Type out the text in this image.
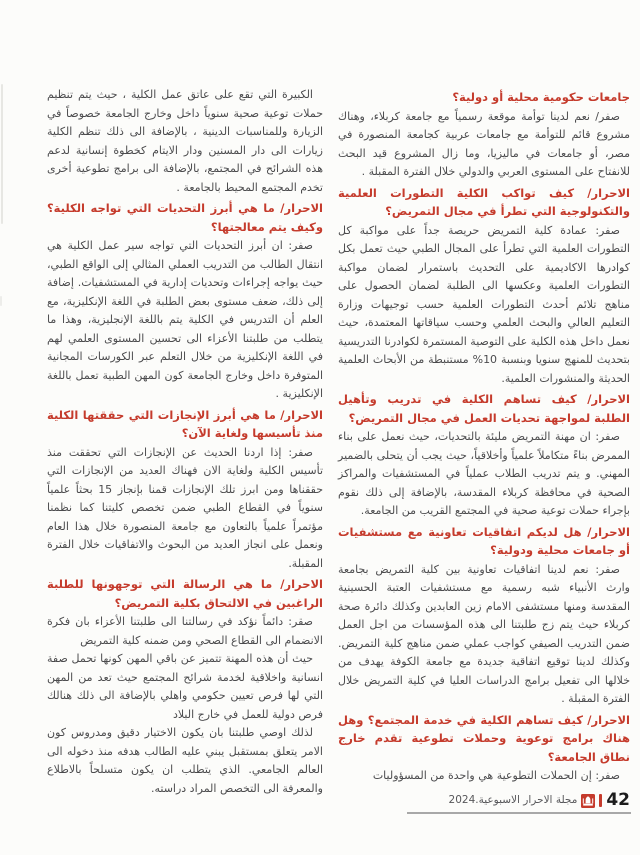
جامعات حكومية محلية أو دولية؟

صفر/ نعم لدينا توأمة موقعة رسمياً مع جامعة كربلاء، وهناك مشروع قائم للتوأمة مع جامعات عربية كجامعة المنصورة في مصر، أو جامعات في ماليزيا، وما زال المشروع قيد البحث للانفتاح على المستوى العربي والدولي خلال الفترة المقبلة .

الاحرار/ كيف تواكب الكلية التطورات العلمية والتكنولوجية التي تطرأ في مجال التمريض؟

صفر: عمادة كلية التمريض حريصة جداً على مواكبة كل التطورات العلمية التي تطرأ على المجال الطبي حيث تعمل بكل كوادرها الاكاديمية على التحديث باستمرار لضمان مواكبة التطورات العلمية وعكسها الى الطلبة لضمان الحصول على مناهج تلائم أحدث التطورات العلمية حسب توجيهات وزارة التعليم العالي والبحث العلمي وحسب سياقاتها المعتمدة، حيث نعمل داخل هذه الكلية على التوصية المستمرة لكوادرنا التدريسية بتحديث للمنهج سنويا وبنسبة 10% مستنبطة من الأبحاث العلمية الحديثة والمنشورات العلمية.

الاحرار/ كيف تساهم الكلية في تدريب وتأهيل الطلبة لمواجهة تحديات العمل في مجال التمريض؟

صفر: ان مهنة التمريض مليئة بالتحديات، حيث نعمل على بناء الممرض بناءً متكاملاً علمياً وأخلاقياً، حيث يجب أن يتحلى بالضمير المهني. و يتم تدريب الطلاب عملياً في المستشفيات والمراكز الصحية في محافظة كربلاء المقدسة، بالإضافة إلى ذلك نقوم بإجراء حملات توعية صحية في المجتمع القريب من الجامعة.

الاحرار/ هل لديكم اتفاقيات تعاونية مع مستشفيات أو جامعات محلية ودولية؟

صفر: نعم لدينا اتفاقيات تعاونية بين كلية التمريض بجامعة وارث الأنبياء شبه رسمية مع مستشفيات العتبة الحسينية المقدسة ومنها مستشفى الامام زين العابدين وكذلك دائرة صحة كربلاء حيث يتم زج طلبتنا الى هذه المؤسسات من اجل العمل ضمن التدريب الصيفي كواجب عملي ضمن مناهج كلية التمريض. وكذلك لدينا توقيع اتفاقية جديدة مع جامعة الكوفة يهدف من خلالها الى تفعيل برامج الدراسات العليا في كلية التمريض خلال الفترة المقبلة .

الاحرار/ كيف تساهم الكلية في خدمة المجتمع؟ وهل هناك برامج توعوية وحملات تطوعية تقدم خارج نطاق الجامعة؟

صفر: إن الحملات التطوعية هي واحدة من المسؤوليات

الكبيرة التي تقع على عاتق عمل الكلية ، حيث يتم تنظيم حملات توعية صحية سنوياً داخل وخارج الجامعة خصوصاً في الزيارة وللمناسبات الدينية ، بالإضافة الى ذلك تنظم الكلية زيارات الى دار المسنين ودار الايتام كخطوة إنسانية لدعم هذه الشرائح في المجتمع، بالإضافة الى برامج تطوعية أخرى تخدم المجتمع المحيط بالجامعة .

الاحرار/ ما هي أبرز التحديات التي تواجه الكلية؟ وكيف يتم معالجتها؟

صفر: ان أبرز التحديات التي تواجه سير عمل الكلية هي انتقال الطالب من التدريب العملي المثالي إلى الواقع الطبي، حيث يواجه إجراءات وتحديات إدارية في المستشفيات. إضافة إلى ذلك، ضعف مستوى بعض الطلبة في اللغة الإنكليزية، مع العلم أن التدريس في الكلية يتم باللغة الإنجليزية، وهذا ما يتطلب من طلبتنا الأعزاء الى تحسين المستوى العلمي لهم في اللغة الإنكليزية من خلال التعلم عبر الكورسات المجانية المتوفرة داخل وخارج الجامعة كون المهن الطبية تعمل باللغة الإنكليزية .

الاحرار/ ما هي أبرز الإنجازات التي حققتها الكلية منذ تأسيسها ولغاية الآن؟

صفر: إذا اردنا الحديث عن الإنجازات التي تحققت منذ تأسيس الكلية ولغاية الان فهناك العديد من الإنجازات التي حققناها ومن ابرز تلك الإنجازات قمنا بإنجاز 15 بحثاً علمياً سنوياً في القطاع الطبي ضمن تخصص كليتنا كما نظمنا مؤتمراً علمياً بالتعاون مع جامعة المنصورة خلال هذا العام ونعمل على انجاز العديد من البحوث والاتفاقيات خلال الفترة المقبلة.

الاحرار/ ما هي الرسالة التي توجهونها للطلبة الراغبين في الالتحاق بكلية التمريض؟

صقر: دائماً نؤكد في رسالتنا الى طلبتنا الأعزاء بان فكرة الانضمام الى القطاع الصحي ومن ضمنه كلية التمريض

حيث أن هذه المهنة تتميز عن باقي المهن كونها تحمل صفة انسانية واخلاقية لخدمة شرائح المجتمع حيث تعد من المهن التي لها فرص تعيين حكومي واهلي بالإضافة الى ذلك هنالك فرص دولية للعمل في خارج البلاد

لذلك اوصي طلبتنا بان يكون الاختيار دقيق ومدروس كون الامر يتعلق بمستقبل يبني عليه الطالب هدفه منذ دخوله الى العالم الجامعي. الذي يتطلب ان يكون متسلحاً بالاطلاع والمعرفة الى التخصص المراد دراسته.

42
مجلة الاحرار الاسبوعية.2024
